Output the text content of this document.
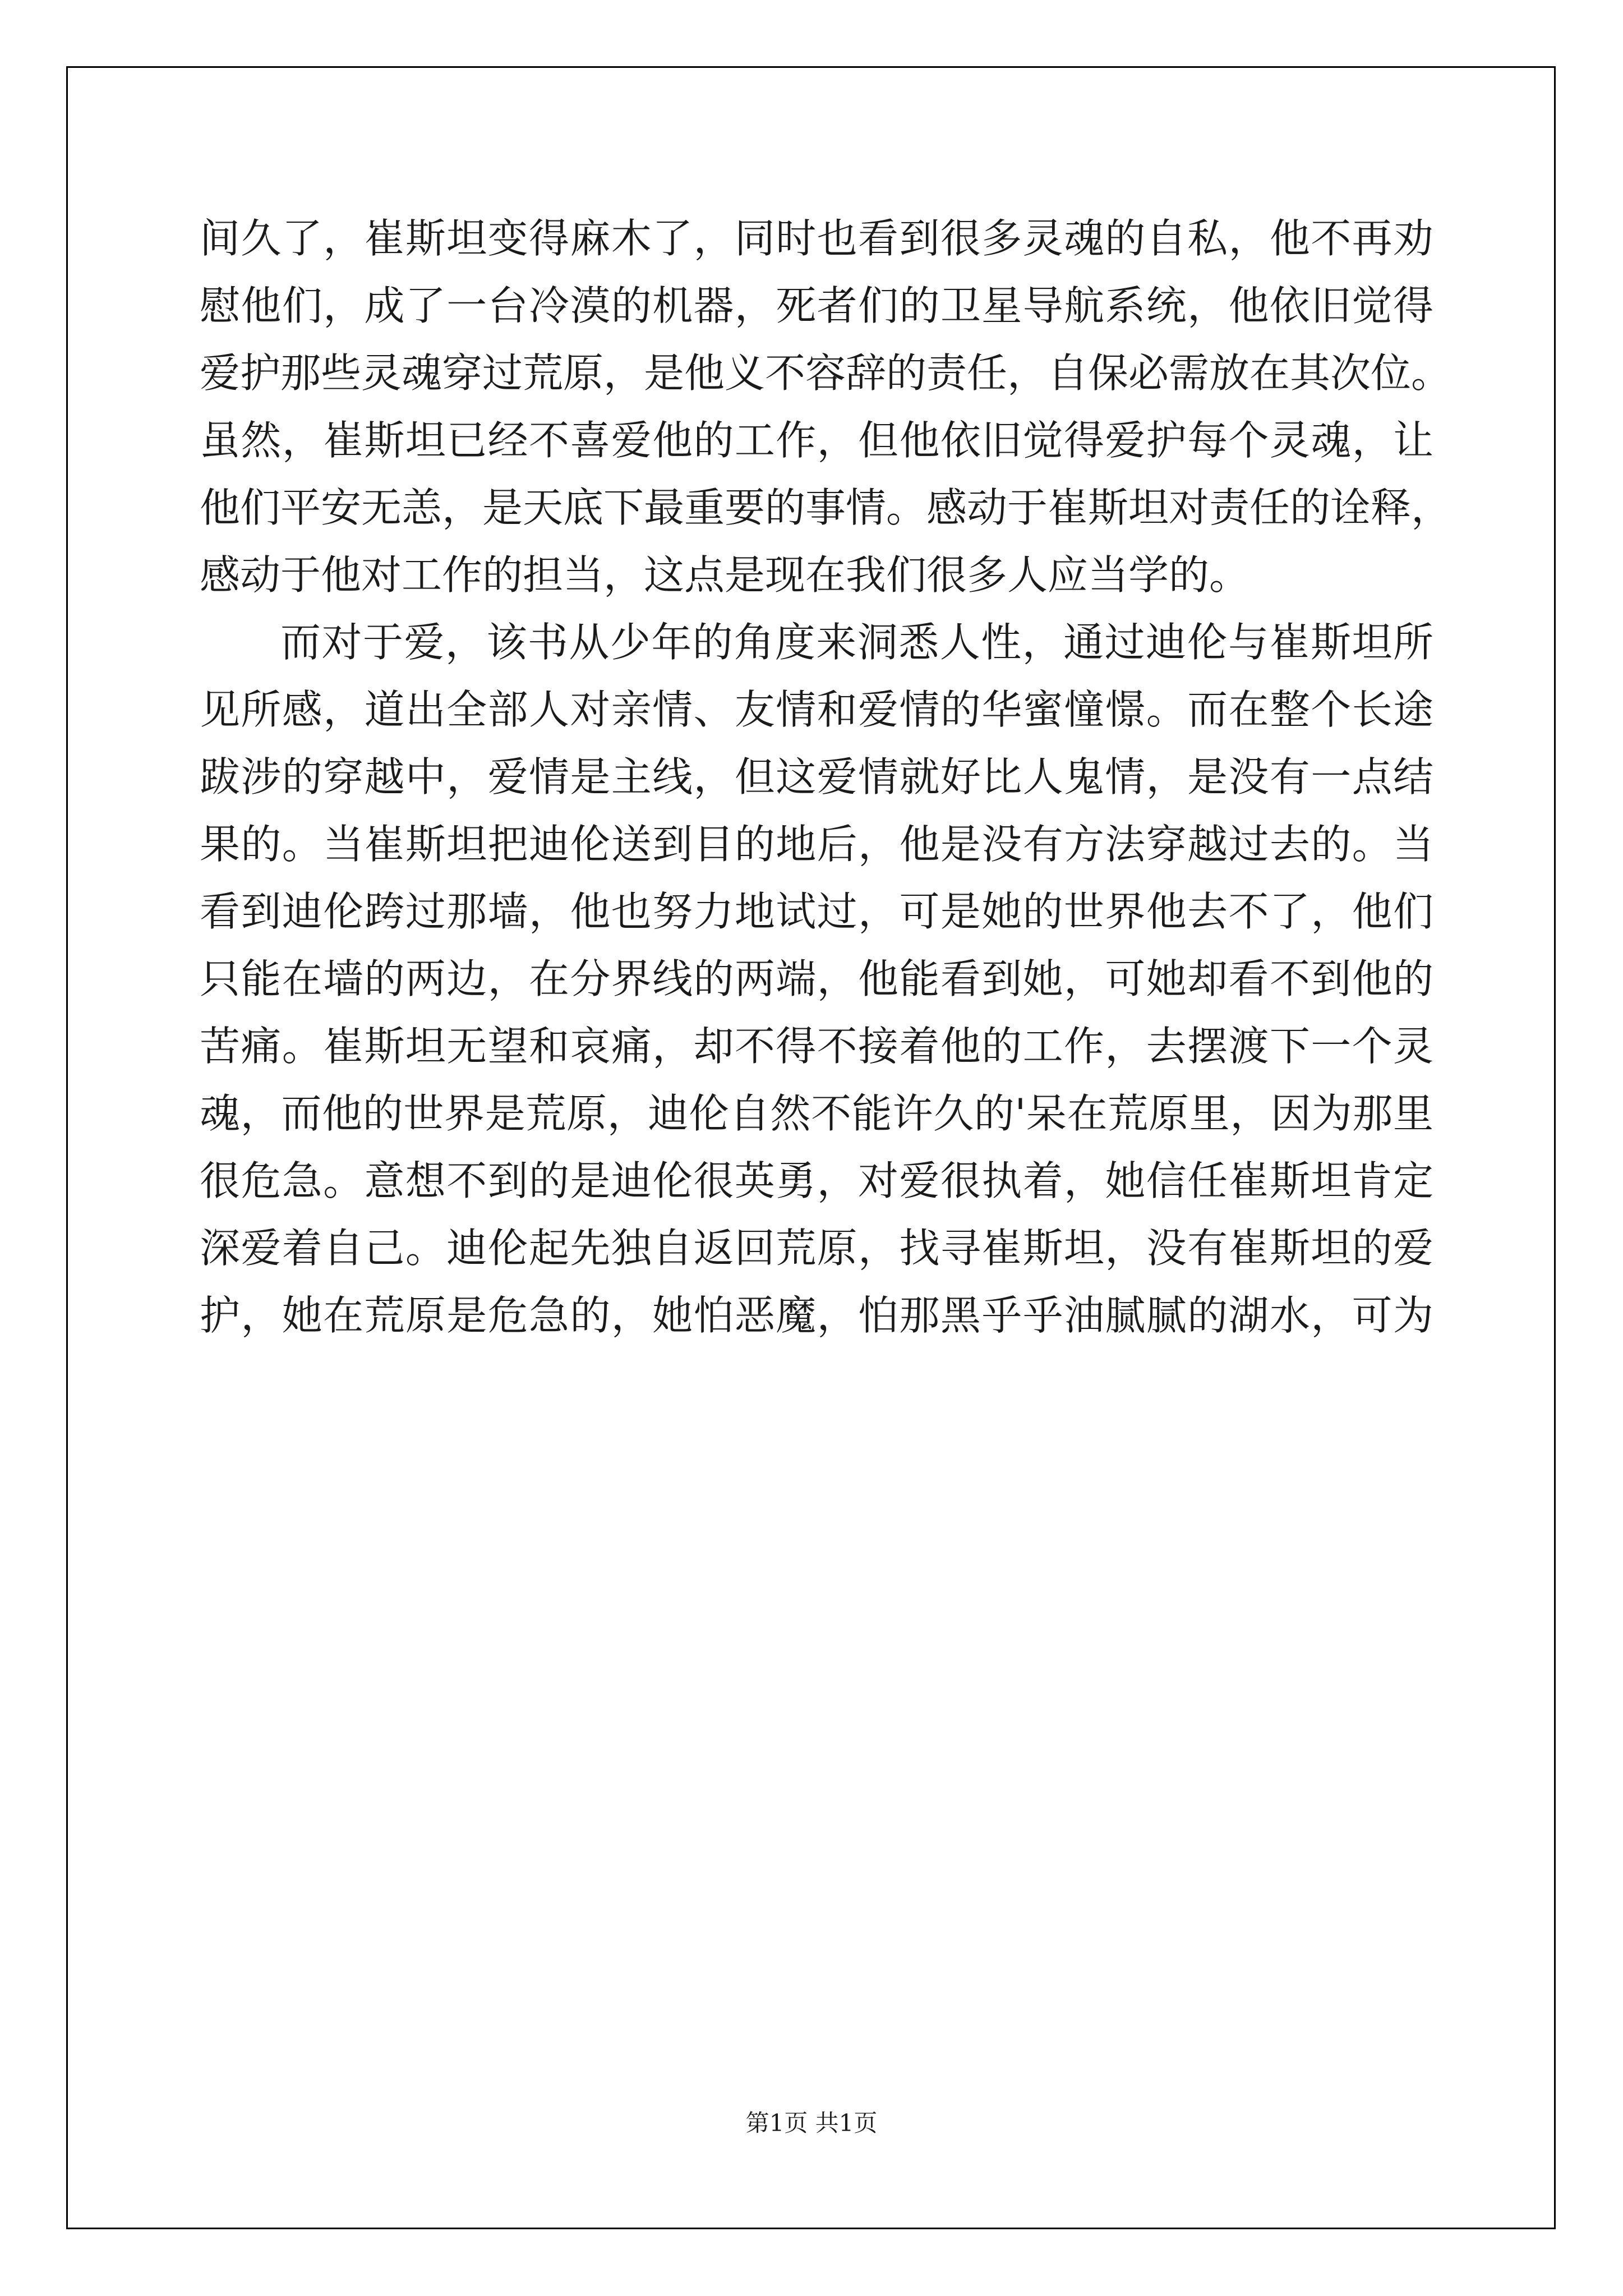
间久了，崔斯坦变得麻木了，同时也看到很多灵魂的自私，他不再劝
慰他们，成了一台冷漠的机器，死者们的卫星导航系统，他依旧觉得
爱护那些灵魂穿过荒原，是他义不容辞的责任，自保必需放在其次位。
虽然，崔斯坦已经不喜爱他的工作，但他依旧觉得爱护每个灵魂，让
他们平安无恙，是天底下最重要的事情。感动于崔斯坦对责任的诠释，
感动于他对工作的担当，这点是现在我们很多人应当学的。
而对于爱，该书从少年的角度来洞悉人性，通过迪伦与崔斯坦所
见所感，道出全部人对亲情、友情和爱情的华蜜憧憬。而在整个长途
跋涉的穿越中，爱情是主线，但这爱情就好比人鬼情，是没有一点结
果的。当崔斯坦把迪伦送到目的地后，他是没有方法穿越过去的。当
看到迪伦跨过那墙，他也努力地试过，可是她的世界他去不了，他们
只能在墙的两边，在分界线的两端，他能看到她，可她却看不到他的
苦痛。崔斯坦无望和哀痛，却不得不接着他的工作，去摆渡下一个灵
魂，而他的世界是荒原，迪伦自然不能许久的'呆在荒原里，因为那里
很危急。意想不到的是迪伦很英勇，对爱很执着，她信任崔斯坦肯定
深爱着自己。迪伦起先独自返回荒原，找寻崔斯坦，没有崔斯坦的爱
护，她在荒原是危急的，她怕恶魔，怕那黑乎乎油腻腻的湖水，可为
第1页 共1页
